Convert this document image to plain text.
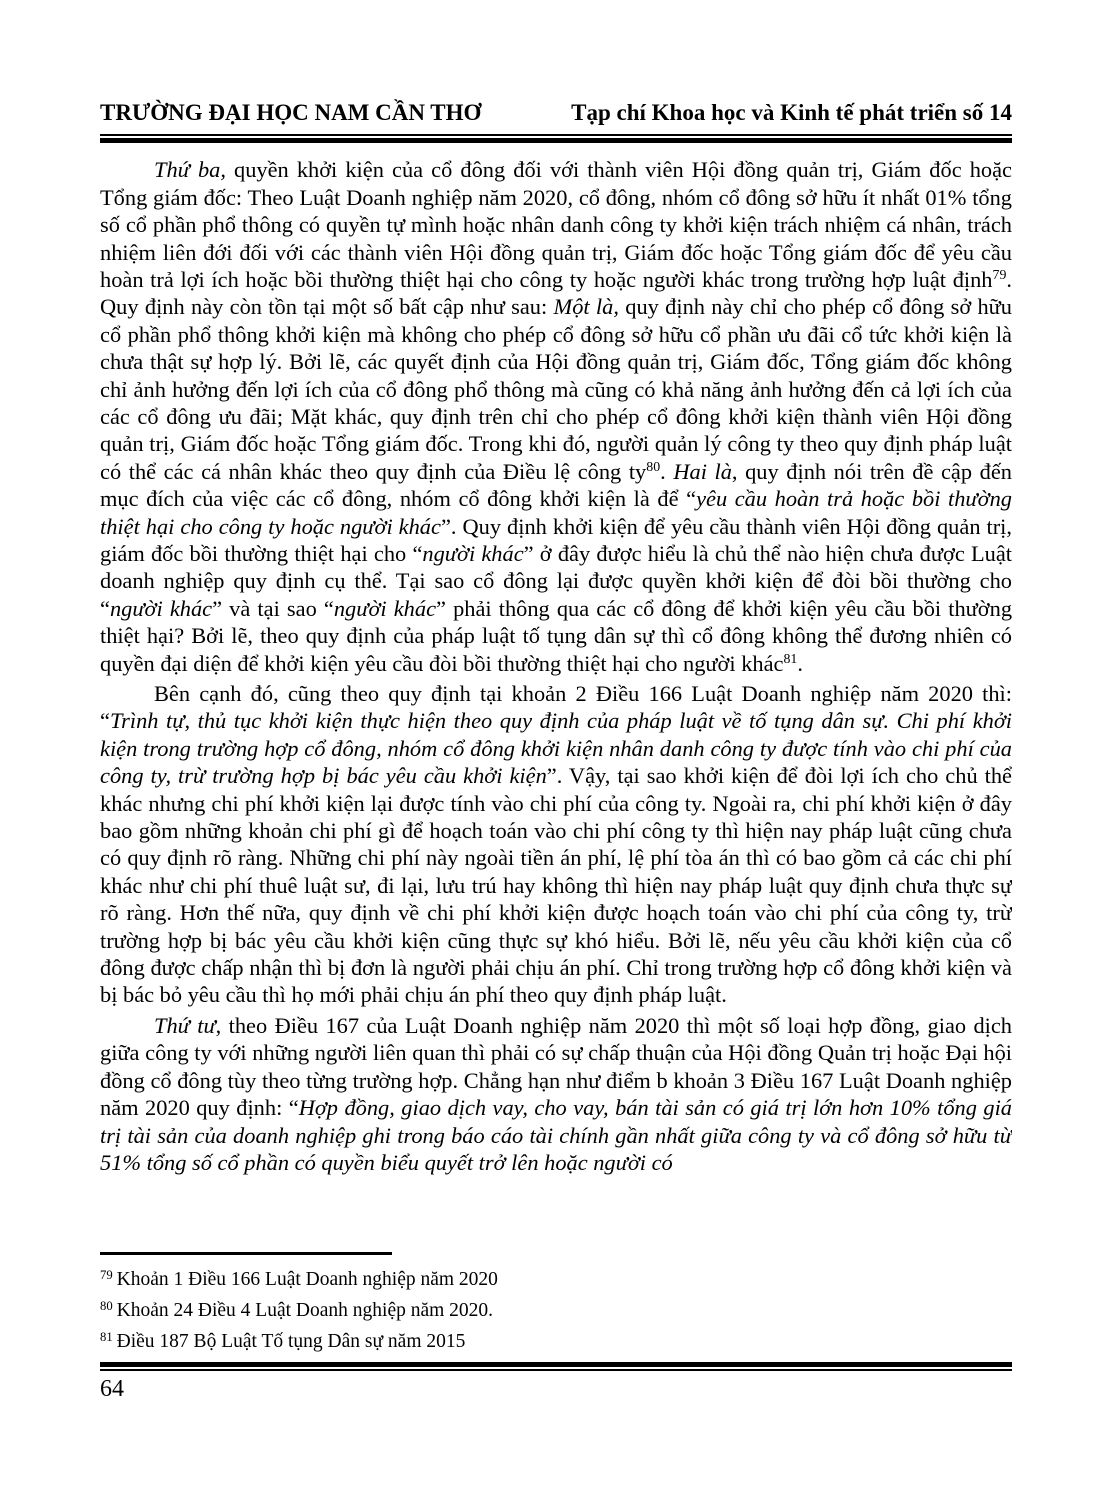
TRƯỜNG ĐẠI HỌC NAM CẦN THƠ	Tạp chí Khoa học và Kinh tế phát triển số 14

Thứ ba, quyền khởi kiện của cổ đông đối với thành viên Hội đồng quản trị, Giám đốc hoặc Tổng giám đốc: Theo Luật Doanh nghiệp năm 2020, cổ đông, nhóm cổ đông sở hữu ít nhất 01% tổng số cổ phần phổ thông có quyền tự mình hoặc nhân danh công ty khởi kiện trách nhiệm cá nhân, trách nhiệm liên đới đối với các thành viên Hội đồng quản trị, Giám đốc hoặc Tổng giám đốc để yêu cầu hoàn trả lợi ích hoặc bồi thường thiệt hại cho công ty hoặc người khác trong trường hợp luật định$^{79}$. Quy định này còn tồn tại một số bất cập như sau: Một là, quy định này chỉ cho phép cổ đông sở hữu cổ phần phổ thông khởi kiện mà không cho phép cổ đông sở hữu cổ phần ưu đãi cổ tức khởi kiện là chưa thật sự hợp lý. Bởi lẽ, các quyết định của Hội đồng quản trị, Giám đốc, Tổng giám đốc không chỉ ảnh hưởng đến lợi ích của cổ đông phổ thông mà cũng có khả năng ảnh hưởng đến cả lợi ích của các cổ đông ưu đãi; Mặt khác, quy định trên chỉ cho phép cổ đông khởi kiện thành viên Hội đồng quản trị, Giám đốc hoặc Tổng giám đốc. Trong khi đó, người quản lý công ty theo quy định pháp luật có thể các cá nhân khác theo quy định của Điều lệ công $ty^{80}$. Hai là, quy định nói trên đề cập đến mục đích của việc các cổ đông, nhóm cổ đông khởi kiện là để “yêu cầu hoàn trả hoặc bồi thường thiệt hại cho công ty hoặc người khác”. Quy định khởi kiện để yêu cầu thành viên Hội đồng quản trị, giám đốc bồi thường thiệt hại cho “người khác” ở đây được hiểu là chủ thể nào hiện chưa được Luật doanh nghiệp quy định cụ thể. Tại sao cổ đông lại được quyền khởi kiện để đòi bồi thường cho “người khác” và tại sao “người khác” phải thông qua các cổ đông để khởi kiện yêu cầu bồi thường thiệt hại? Bởi lẽ, theo quy định của pháp luật tố tụng dân sự thì cổ đông không thể đương nhiên có quyền đại diện để khởi kiện yêu cầu đòi bồi thường thiệt hại cho người khác$^{81}$.

Bên cạnh đó, cũng theo quy định tại khoản 2 Điều 166 Luật Doanh nghiệp năm 2020 thì: “Trình tự, thủ tục khởi kiện thực hiện theo quy định của pháp luật về tố tụng dân sự. Chi phí khởi kiện trong trường hợp cổ đông, nhóm cổ đông khởi kiện nhân danh công ty được tính vào chi phí của công ty, trừ trường hợp bị bác yêu cầu khởi kiện”. Vậy, tại sao khởi kiện để đòi lợi ích cho chủ thể khác nhưng chi phí khởi kiện lại được tính vào chi phí của công ty. Ngoài ra, chi phí khởi kiện ở đây bao gồm những khoản chi phí gì để hoạch toán vào chi phí công ty thì hiện nay pháp luật cũng chưa có quy định rõ ràng. Những chi phí này ngoài tiền án phí, lệ phí tòa án thì có bao gồm cả các chi phí khác như chi phí thuê luật sư, đi lại, lưu trú hay không thì hiện nay pháp luật quy định chưa thực sự rõ ràng. Hơn thế nữa, quy định về chi phí khởi kiện được hoạch toán vào chi phí của công ty, trừ trường hợp bị bác yêu cầu khởi kiện cũng thực sự khó hiểu. Bởi lẽ, nếu yêu cầu khởi kiện của cổ đông được chấp nhận thì bị đơn là người phải chịu án phí. Chỉ trong trường hợp cổ đông khởi kiện và bị bác bỏ yêu cầu thì họ mới phải chịu án phí theo quy định pháp luật.

Thứ tư, theo Điều 167 của Luật Doanh nghiệp năm 2020 thì một số loại hợp đồng, giao dịch giữa công ty với những người liên quan thì phải có sự chấp thuận của Hội đồng Quản trị hoặc Đại hội đồng cổ đông tùy theo từng trường hợp. Chẳng hạn như điểm b khoản 3 Điều 167 Luật Doanh nghiệp năm 2020 quy định: “Hợp đồng, giao dịch vay, cho vay, bán tài sản có giá trị lớn hơn 10% tổng giá trị tài sản của doanh nghiệp ghi trong báo cáo tài chính gần nhất giữa công ty và cổ đông sở hữu từ 51% tổng số cổ phần có quyền biểu quyết trở lên hoặc người có

$^{79}$ Khoản 1 Điều 166 Luật Doanh nghiệp năm 2020

$^{80}$ Khoản 24 Điều 4 Luật Doanh nghiệp năm 2020.

$^{81}$ Điều 187 Bộ Luật Tố tụng Dân sự năm 2015

64
